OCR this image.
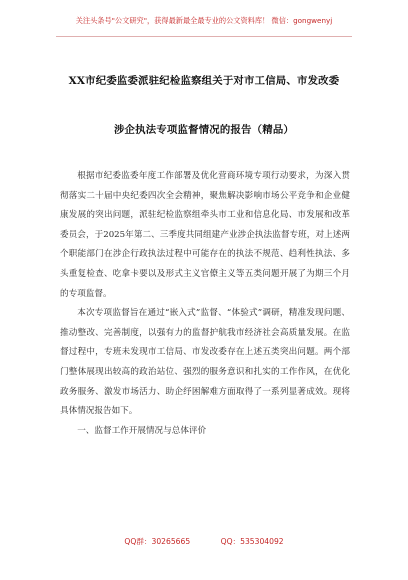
关注头条号"公文研究"，获得最新最全最专业的公文资料库！ 微信：gongwenyj
XX市纪委监委派驻纪检监察组关于对市工信局、市发改委
涉企执法专项监督情况的报告（精品）

根据市纪委监委年度工作部署及优化营商环境专项行动要求，为深入贯彻落实二十届中央纪委四次全会精神，聚焦解决影响市场公平竞争和企业健康发展的突出问题，派驻纪检监察组牵头市工业和信息化局、市发展和改革委员会，于2025年第二、三季度共同组建产业涉企执法监督专班，对上述两个职能部门在涉企行政执法过程中可能存在的执法不规范、趋利性执法、多头重复检查、吃拿卡要以及形式主义官僚主义等五类问题开展了为期三个月的专项监督。

本次专项监督旨在通过“嵌入式”监督、“体验式”调研，精准发现问题、推动整改、完善制度，以强有力的监督护航我市经济社会高质量发展。在监督过程中，专班未发现市工信局、市发改委存在上述五类突出问题。两个部门整体展现出较高的政治站位、强烈的服务意识和扎实的工作作风，在优化政务服务、激发市场活力、助企纾困解难方面取得了一系列显著成效。现将具体情况报告如下。

一、监督工作开展情况与总体评价

QQ群：30265665	QQ：535304092
